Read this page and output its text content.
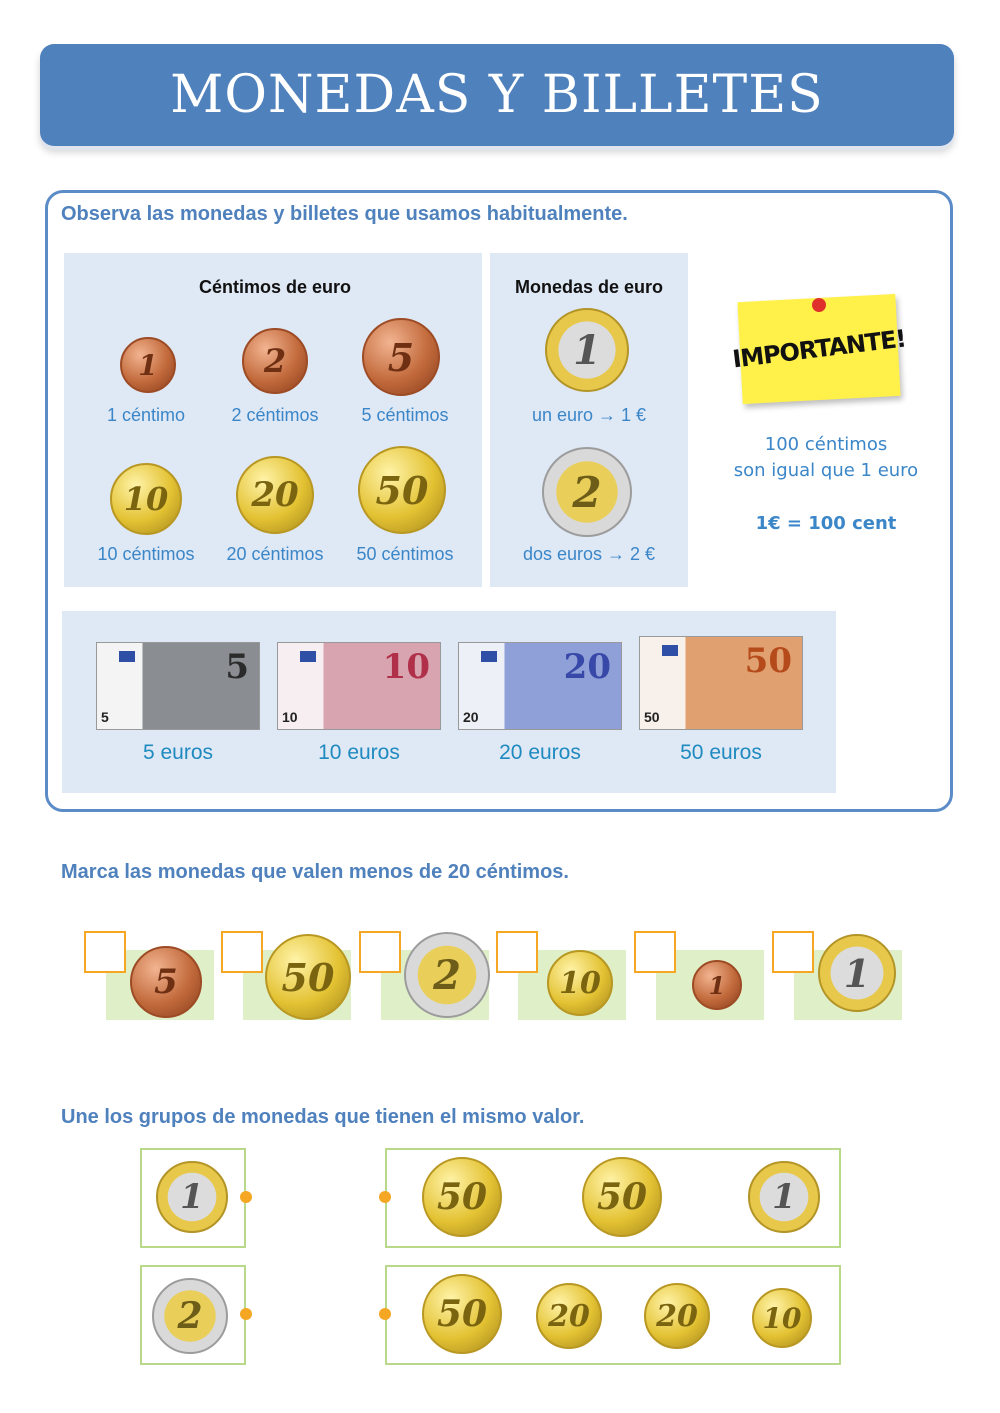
MONEDAS Y BILLETES
Observa las monedas y billetes que usamos habitualmente.
Céntimos de euro
1	2	5
1 céntimo	2 céntimos	5 céntimos
10 20 50
10 céntimos	20 céntimos	50 céntimos
Monedas de euro
1
un euro → 1 €
2
dos euros → 2 €
IMPORTANTE!
100 céntimos
son igual que 1 euro
1€ = 100 cent
5
5
10
10
20
20
50
50
5 euros	10 euros	20 euros	50 euros
Marca las monedas que valen menos de 20 céntimos.
5	50 2	10	1	1
Une los grupos de monedas que tienen el mismo valor.
1
2
50	50	1
50 20 20 10
